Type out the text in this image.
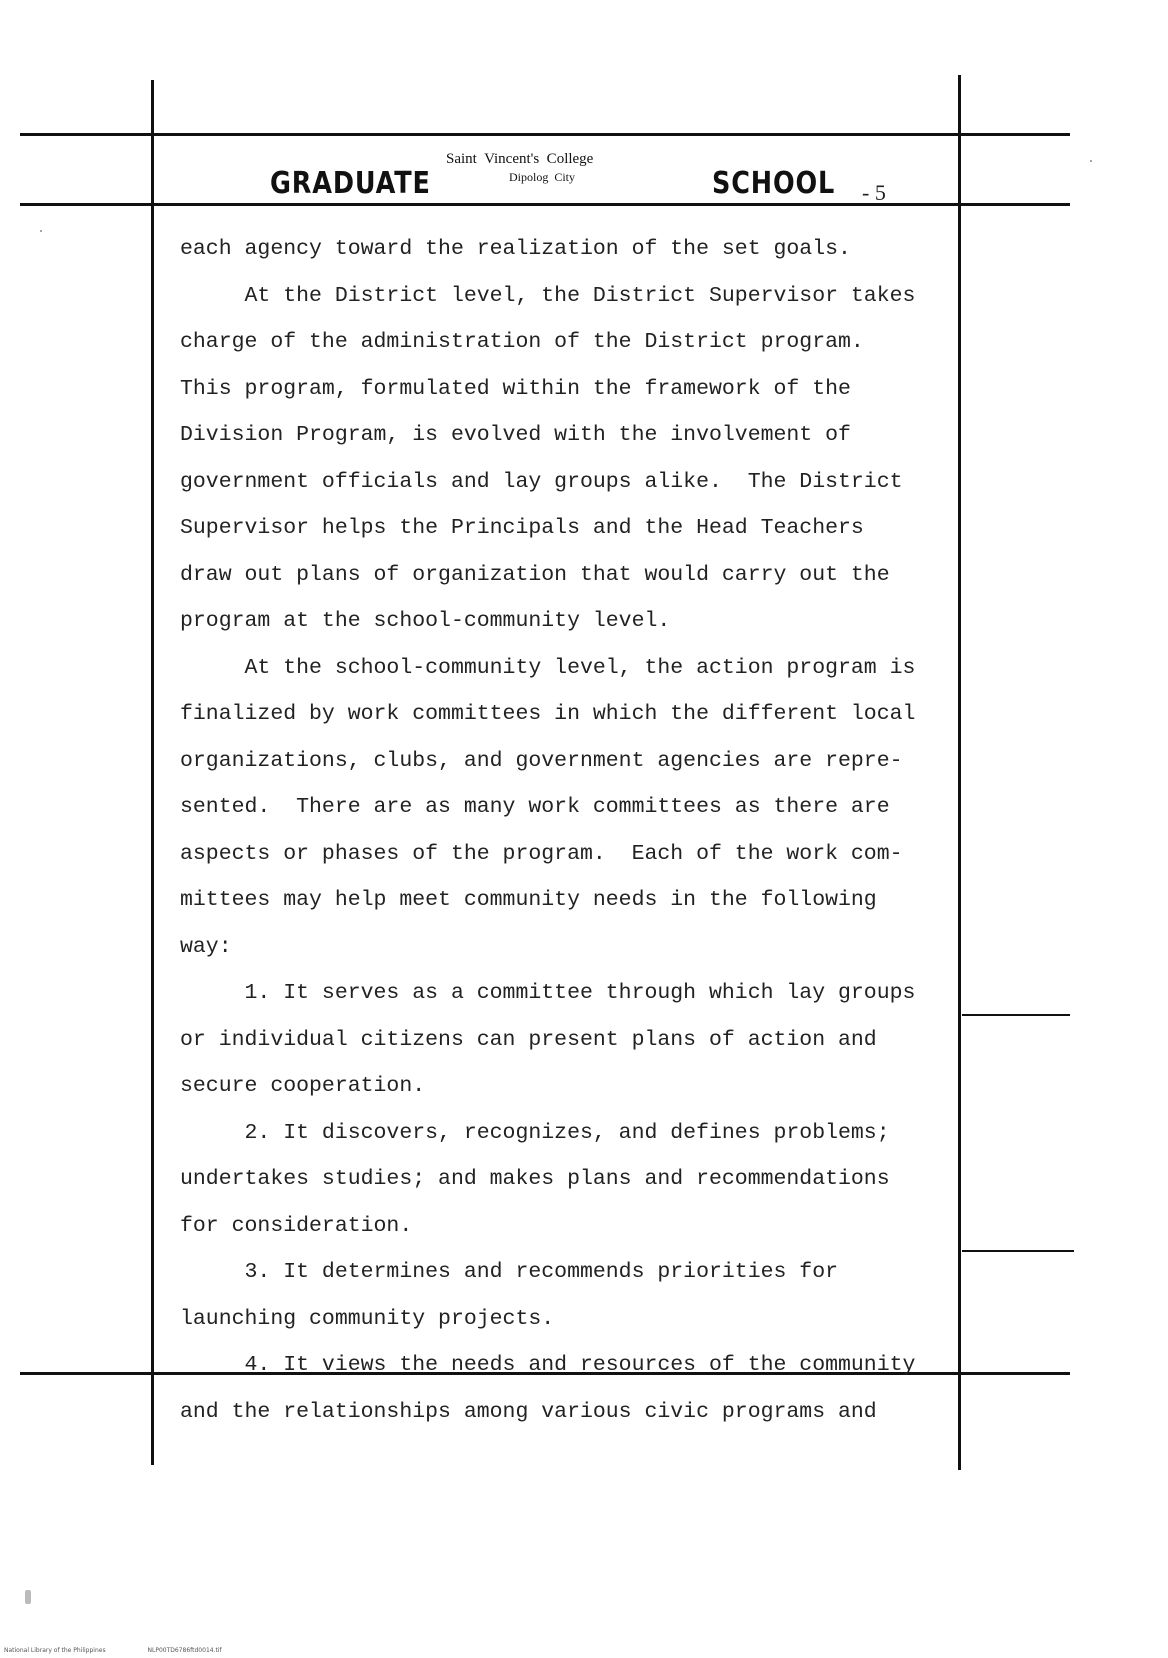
GRADUATE
Saint  Vincent's  College
Dipolog  City	SCHOOL - 5

each agency toward the realization of the set goals.

At the District level, the District Supervisor takes

charge of the administration of the District program.

This program, formulated within the framework of the

Division Program, is evolved with the involvement of

government officials and lay groups alike.  The District

Supervisor helps the Principals and the Head Teachers

draw out plans of organization that would carry out the

program at the school-community level.

At the school-community level, the action program is

finalized by work committees in which the different local

organizations, clubs, and government agencies are repre-

sented.  There are as many work committees as there are

aspects or phases of the program.  Each of the work com-

mittees may help meet community needs in the following

way:

1. It serves as a committee through which lay groups

or individual citizens can present plans of action and

secure cooperation.

2. It discovers, recognizes, and defines problems;

undertakes studies; and makes plans and recommendations

for consideration.

3. It determines and recommends priorities for

launching community projects.

4. It views the needs and resources of the community

and the relationships among various civic programs and

National Library of the Philippines	NLP00TD6786ftd0014.tif
